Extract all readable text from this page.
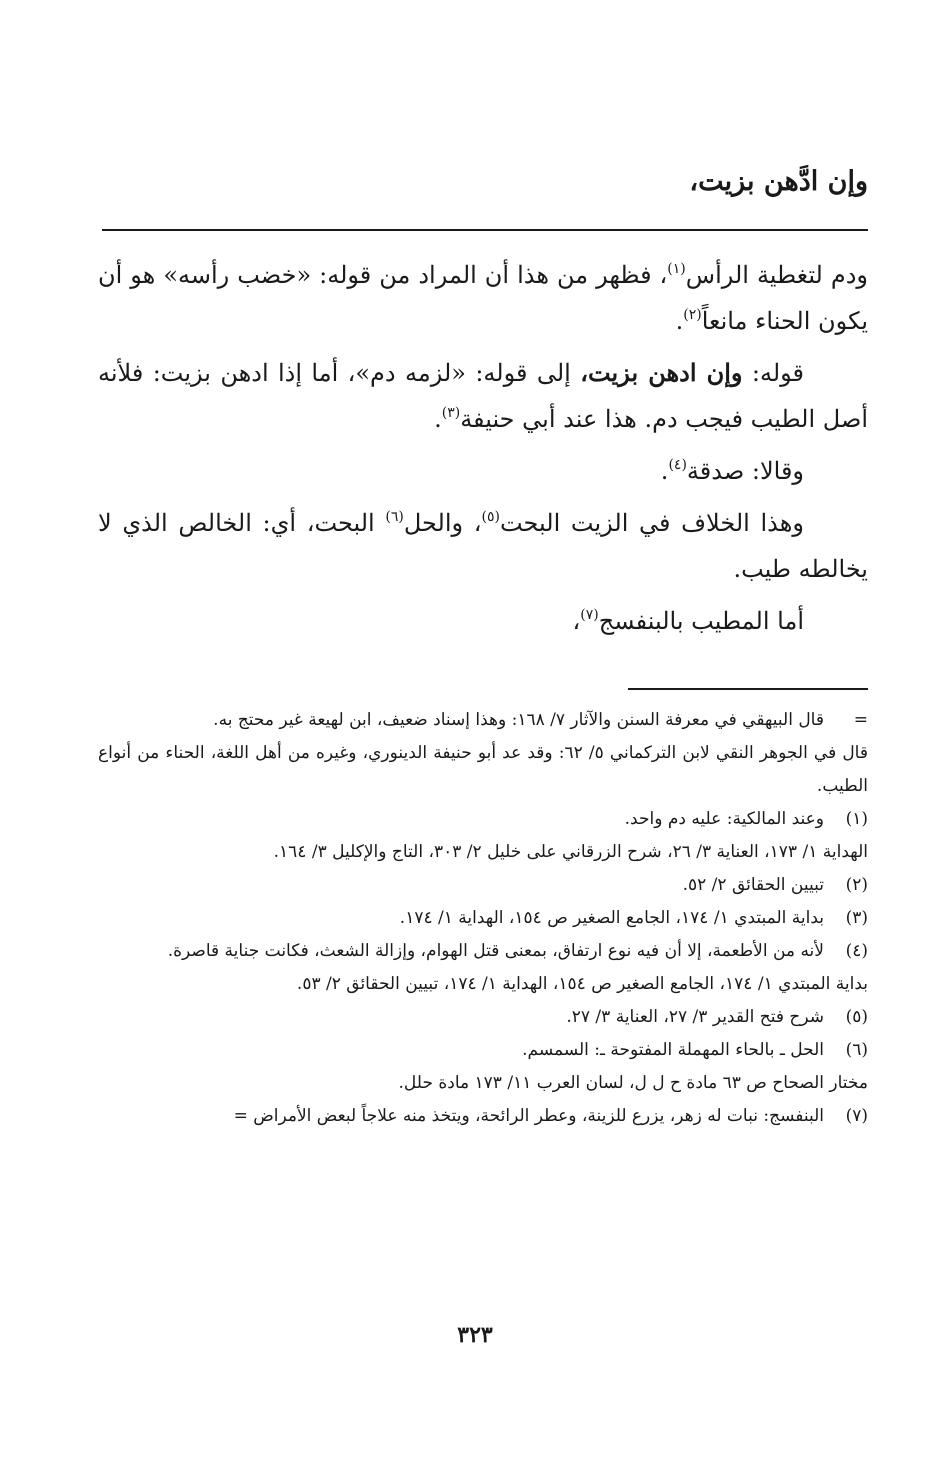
وإن ادَّهن بزيت،

ودم لتغطية الرأس$^{(١)}$، فظهر من هذا أن المراد من قوله: «خضب رأسه» هو أن يكون الحناء مانعاً$^{(٢)}$.

قوله: وإن ادهن بزيت، إلى قوله: «لزمه دم»، أما إذا ادهن بزيت: فلأنه أصل الطيب فيجب دم. هذا عند أبي حنيفة$^{(٣)}$.

وقالا: صدقة$^{(٤)}$.

وهذا الخلاف في الزيت البحت$^{(٥)}$، والحل$^{(٦)}$ البحت، أي: الخالص الذي لا يخالطه طيب.

أما المطيب بالبنفسج$^{(٧)}$،

=
قال البيهقي في معرفة السنن والآثار ٧/ ١٦٨: وهذا إسناد ضعيف، ابن لهيعة غير محتج به.
قال في الجوهر النقي لابن التركماني ٥/ ٦٢: وقد عد أبو حنيفة الدينوري، وغيره من أهل اللغة، الحناء من أنواع الطيب.
(١)
وعند المالكية: عليه دم واحد.
الهداية ١/ ١٧٣، العناية ٣/ ٢٦، شرح الزرقاني على خليل ٢/ ٣٠٣، التاج والإكليل ٣/ ١٦٤.
(٢)
تبيين الحقائق ٢/ ٥٢.
(٣)
بداية المبتدي ١/ ١٧٤، الجامع الصغير ص ١٥٤، الهداية ١/ ١٧٤.
(٤)
لأنه من الأطعمة، إلا أن فيه نوع ارتفاق، بمعنى قتل الهوام، وإزالة الشعث، فكانت جناية قاصرة.
بداية المبتدي ١/ ١٧٤، الجامع الصغير ص ١٥٤، الهداية ١/ ١٧٤، تبيين الحقائق ٢/ ٥٣.
(٥)
شرح فتح القدير ٣/ ٢٧، العناية ٣/ ٢٧.
(٦)
الحل ـ بالحاء المهملة المفتوحة ـ: السمسم.
مختار الصحاح ص ٦٣ مادة ح ل ل، لسان العرب ١١/ ١٧٣ مادة حلل.
(٧)
البنفسج: نبات له زهر، يزرع للزينة، وعطر الرائحة، ويتخذ منه علاجاً لبعض الأمراض =
٣٢٣
